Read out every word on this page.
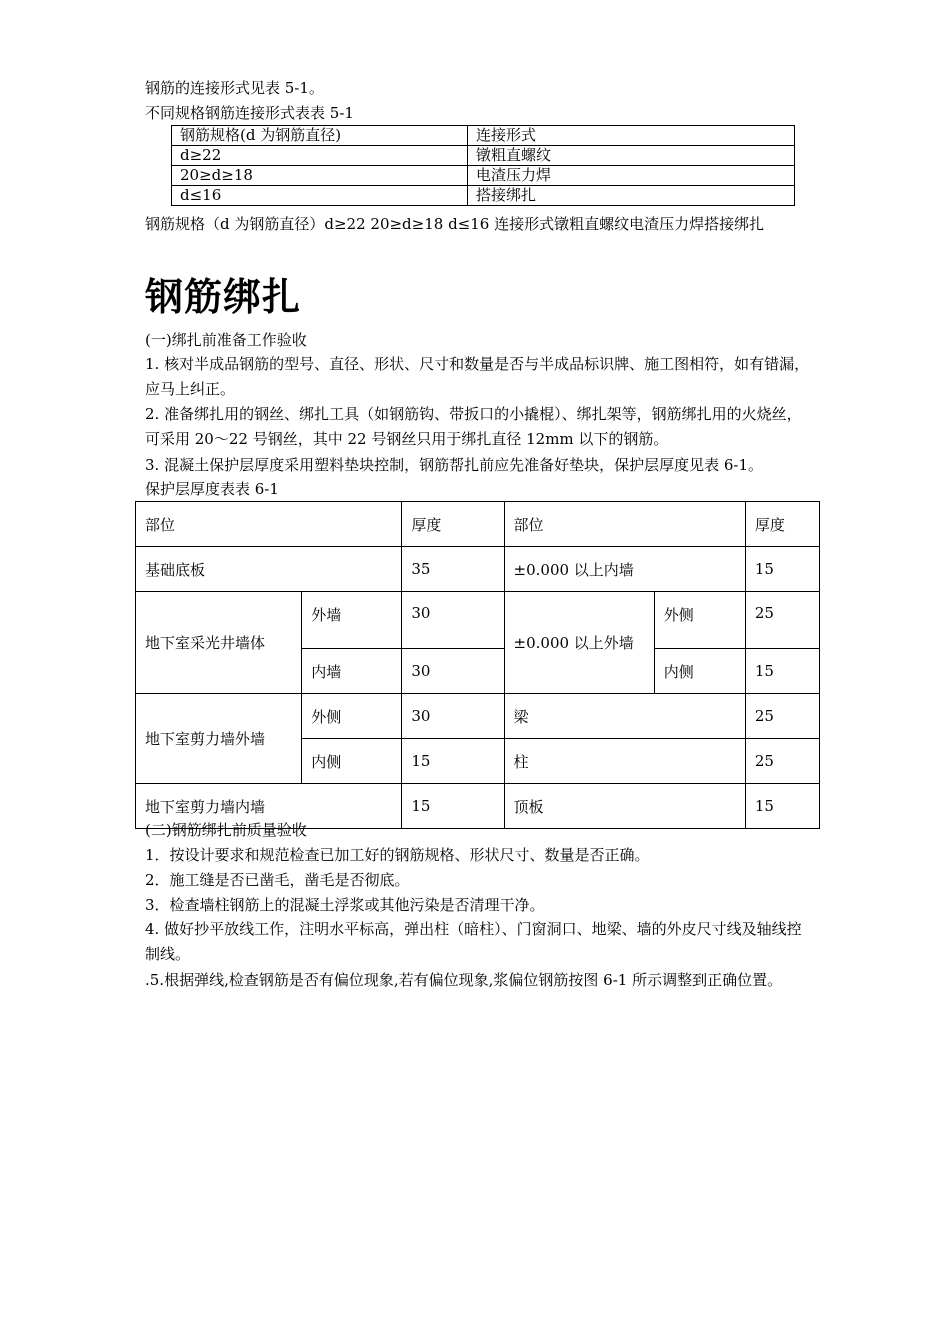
钢筋的连接形式见表 5-1。
不同规格钢筋连接形式表表 5-1
钢筋规格(d 为钢筋直径)	连接形式
d≥22	镦粗直螺纹
20≥d≥18	电渣压力焊
d≤16	搭接绑扎
钢筋规格（d 为钢筋直径）d≥22 20≥d≥18 d≤16 连接形式镦粗直螺纹电渣压力焊搭接绑扎
钢筋绑扎
(一)绑扎前准备工作验收
1. 核对半成品钢筋的型号、直径、形状、尺寸和数量是否与半成品标识牌、施工图相符，如有错漏，应马上纠正。
2. 准备绑扎用的钢丝、绑扎工具（如钢筋钩、带扳口的小撬棍）、绑扎架等，钢筋绑扎用的火烧丝，可采用 20～22 号钢丝，其中 22 号钢丝只用于绑扎直径 12mm 以下的钢筋。
3. 混凝土保护层厚度采用塑料垫块控制，钢筋帮扎前应先准备好垫块，保护层厚度见表 6-1。
保护层厚度表表 6-1
部位		厚度	部位		厚度
基础底板		35	±0.000 以上内墙		15
地下室采光井墙体	外墙	30	±0.000 以上外墙	外侧	25
	内墙	30		内侧	15
地下室剪力墙外墙	外侧	30	梁		25
	内侧	15	柱		25
地下室剪力墙内墙		15	顶板		15
(二)钢筋绑扎前质量验收
1．按设计要求和规范检查已加工好的钢筋规格、形状尺寸、数量是否正确。
2．施工缝是否已凿毛，凿毛是否彻底。
3．检查墙柱钢筋上的混凝土浮浆或其他污染是否清理干净。
4. 做好抄平放线工作，注明水平标高，弹出柱（暗柱）、门窗洞口、地梁、墙的外皮尺寸线及轴线控制线。
.5.根据弹线,检查钢筋是否有偏位现象,若有偏位现象,浆偏位钢筋按图 6-1 所示调整到正确位置。
